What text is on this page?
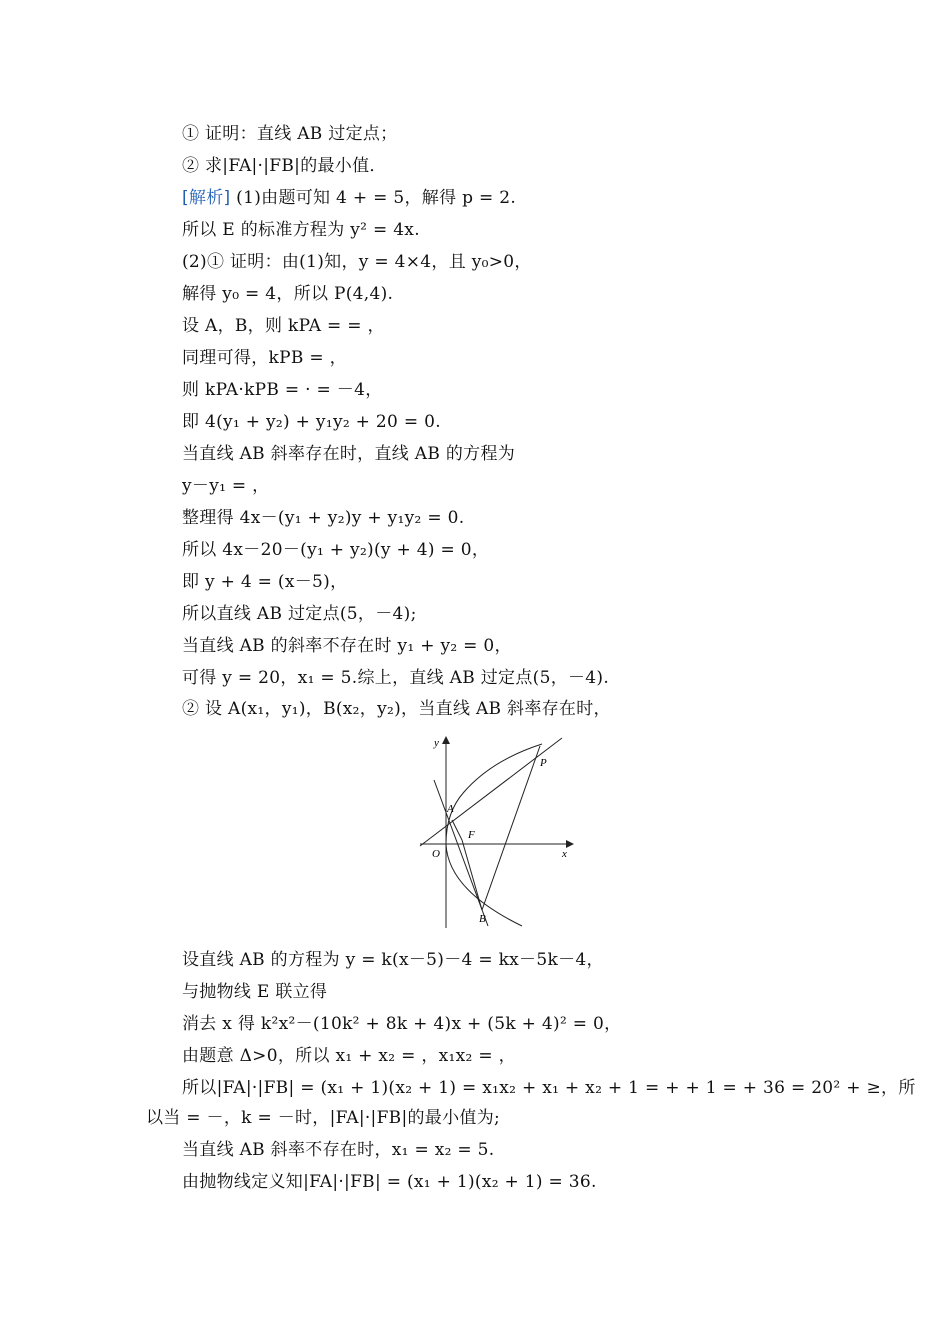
① 证明：直线 AB 过定点；
② 求|FA|·|FB|的最小值．
[解析] (1)由题可知 4 + = 5，解得 p = 2.
所以 E 的标准方程为 y² = 4x.
(2)① 证明：由(1)知，y = 4×4，且 y₀>0，
解得 y₀ = 4，所以 P(4,4).
设 A，B，则 kPA = = ，
同理可得，kPB = ，
则 kPA·kPB = · = －4，
即 4(y₁ + y₂) + y₁y₂ + 20 = 0.
当直线 AB 斜率存在时，直线 AB 的方程为
y－y₁ = ，
整理得 4x－(y₁ + y₂)y + y₁y₂ = 0.
所以 4x－20－(y₁ + y₂)(y + 4) = 0，
即 y + 4 = (x－5)，
所以直线 AB 过定点(5，－4);
当直线 AB 的斜率不存在时 y₁ + y₂ = 0，
可得 y = 20，x₁ = 5.综上，直线 AB 过定点(5，－4).
② 设 A(x₁，y₁)，B(x₂，y₂)，当直线 AB 斜率存在时，
y
x
O
A
F
P
B
设直线 AB 的方程为 y = k(x－5)－4 = kx－5k－4，
与抛物线 E 联立得
消去 x 得 k²x²－(10k² + 8k + 4)x + (5k + 4)² = 0，
由题意 Δ>0，所以 x₁ + x₂ = ，x₁x₂ = ，
所以|FA|·|FB| = (x₁ + 1)(x₂ + 1) = x₁x₂ + x₁ + x₂ + 1 = + + 1 = + 36 = 20² + ≥，所
以当 = －，k = －时，|FA|·|FB|的最小值为;
当直线 AB 斜率不存在时，x₁ = x₂ = 5.
由抛物线定义知|FA|·|FB| = (x₁ + 1)(x₂ + 1) = 36.
